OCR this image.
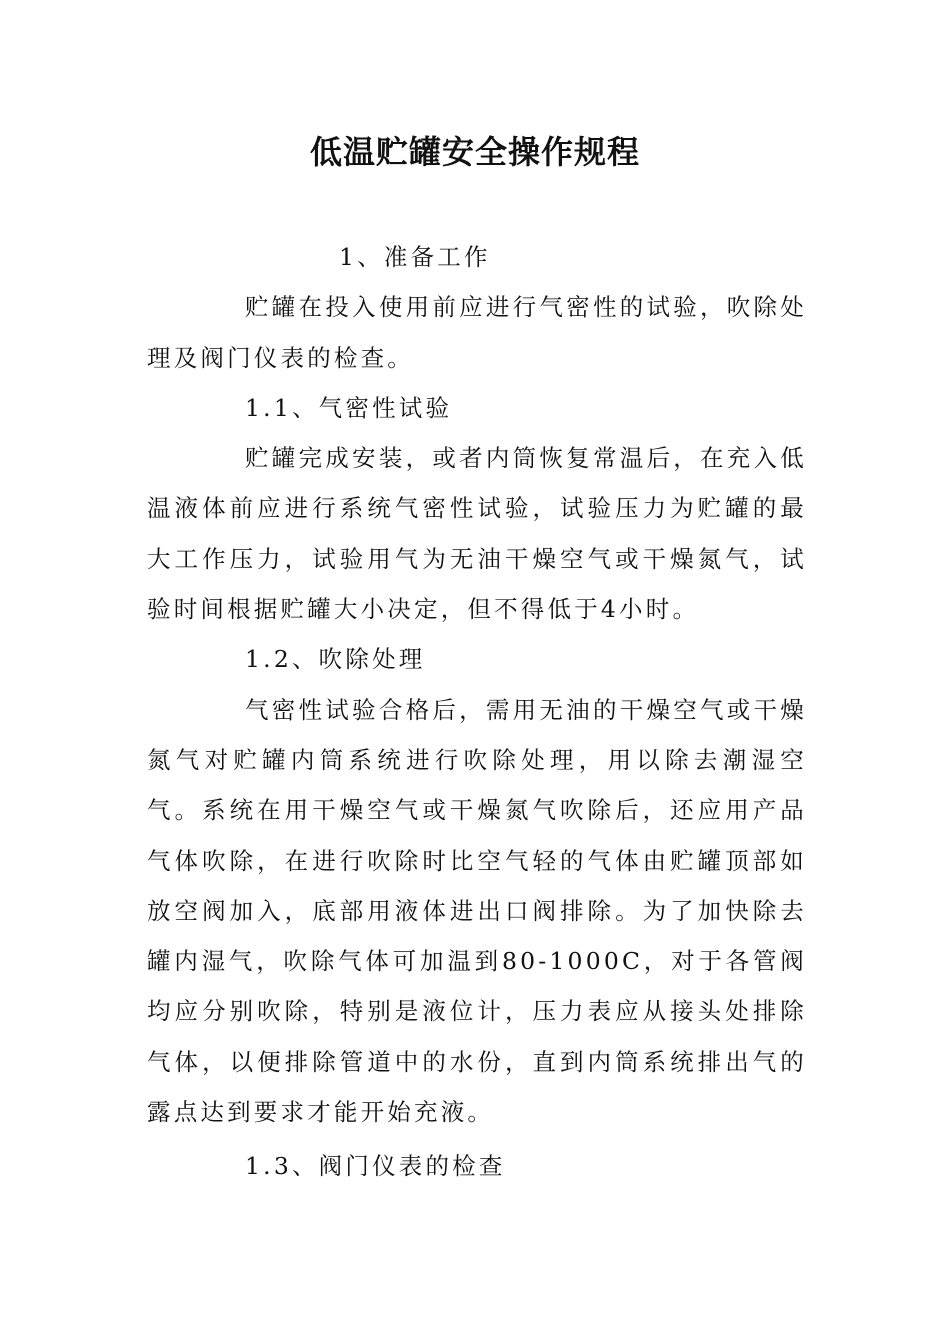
低温贮罐安全操作规程

1、准备工作

贮罐在投入使用前应进行气密性的试验，吹除处理及阀门仪表的检查。

1.1、气密性试验

贮罐完成安装，或者内筒恢复常温后，在充入低温液体前应进行系统气密性试验，试验压力为贮罐的最大工作压力，试验用气为无油干燥空气或干燥氮气，试验时间根据贮罐大小决定，但不得低于4小时。

1.2、吹除处理

气密性试验合格后，需用无油的干燥空气或干燥氮气对贮罐内筒系统进行吹除处理，用以除去潮湿空气。系统在用干燥空气或干燥氮气吹除后，还应用产品气体吹除，在进行吹除时比空气轻的气体由贮罐顶部如放空阀加入，底部用液体进出口阀排除。为了加快除去罐内湿气，吹除气体可加温到80-1000C，对于各管阀均应分别吹除，特别是液位计，压力表应从接头处排除气体，以便排除管道中的水份，直到内筒系统排出气的露点达到要求才能开始充液。

1.3、阀门仪表的检查
